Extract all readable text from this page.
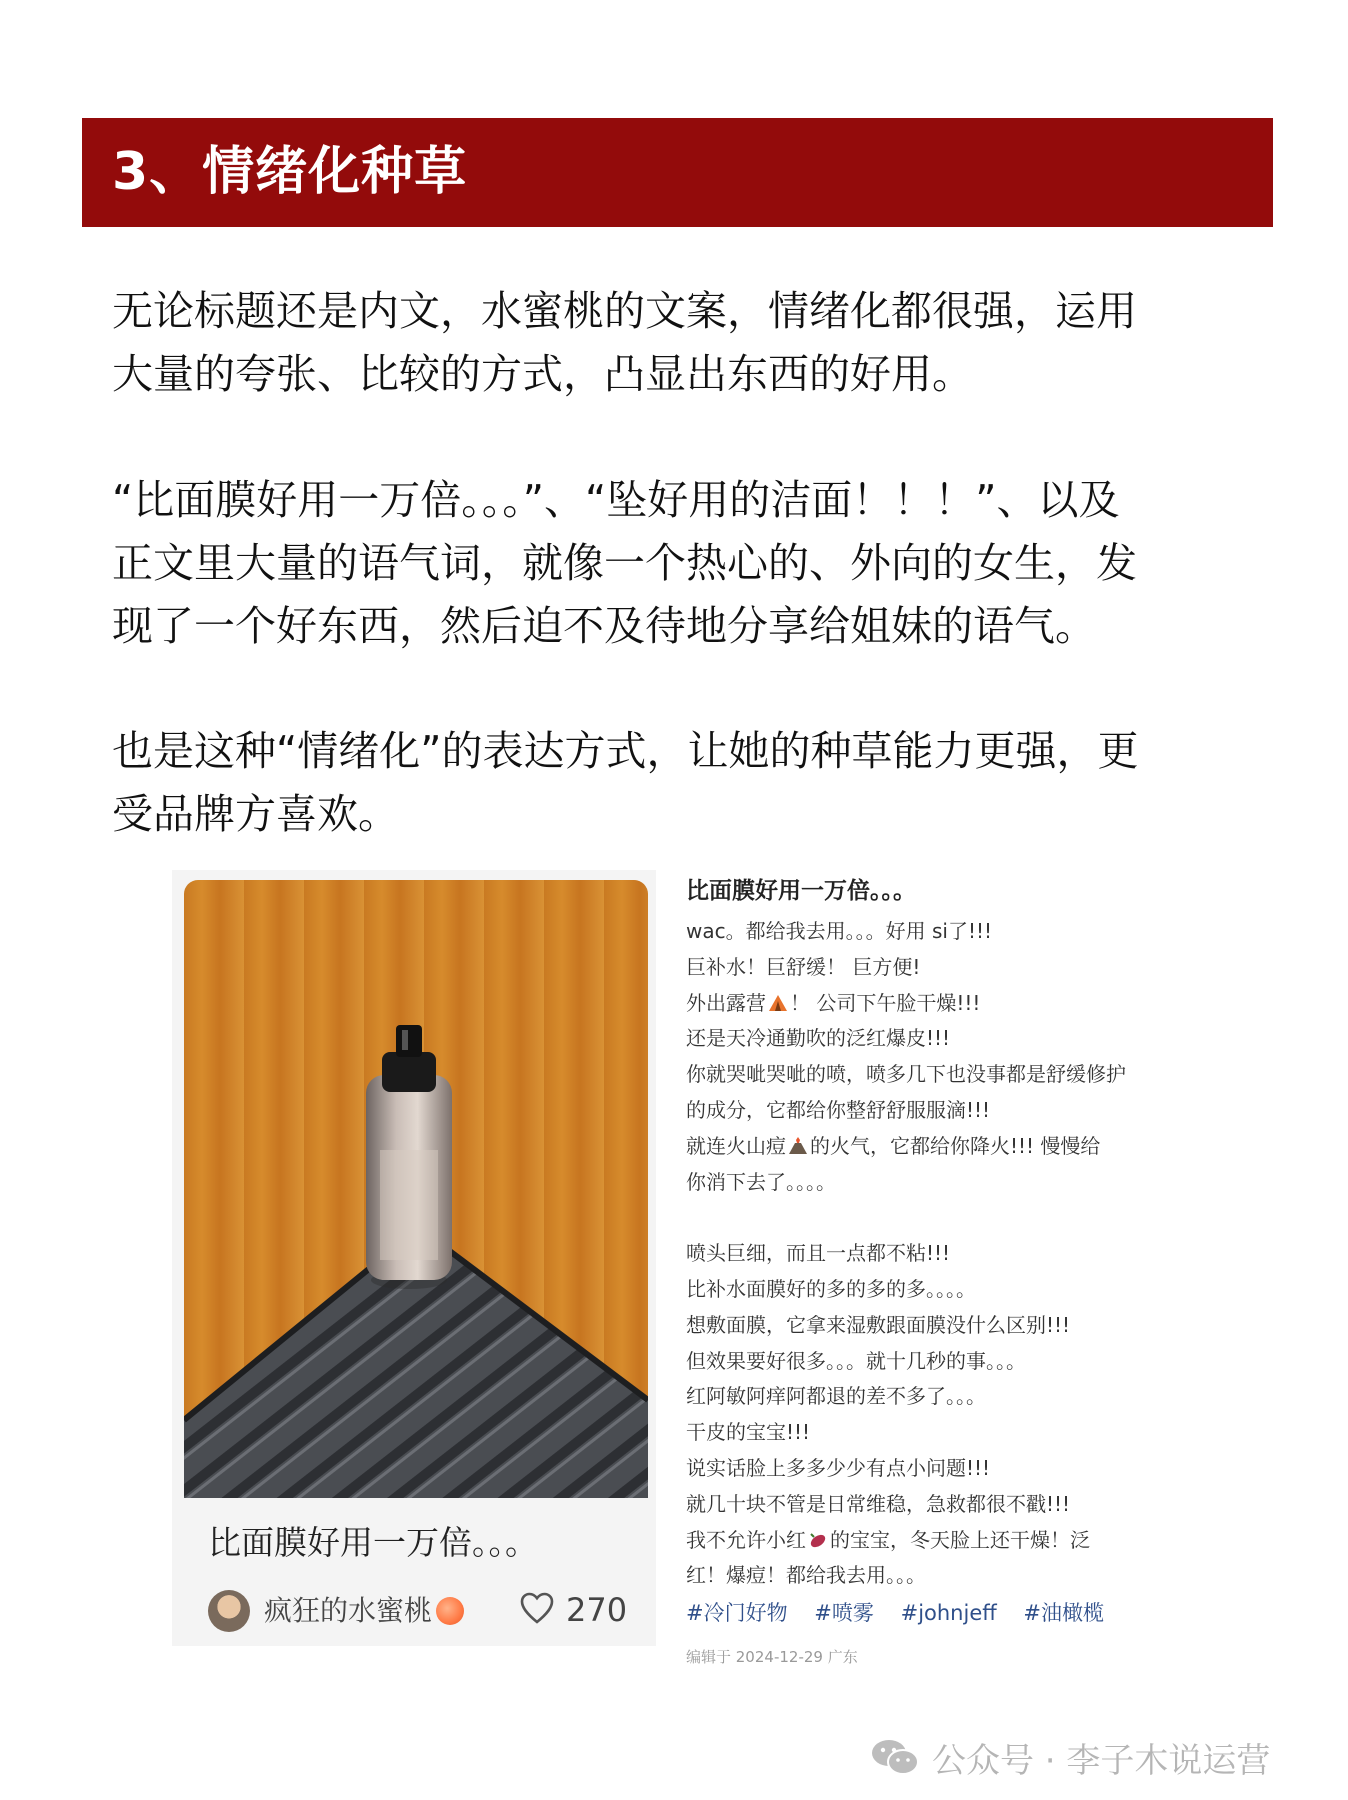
3、情绪化种草
无论标题还是内文，水蜜桃的文案，情绪化都很强，运用
大量的夸张、比较的方式，凸显出东西的好用。
“比面膜好用一万倍。。。”、“坠好用的洁面！！！”、以及
正文里大量的语气词，就像一个热心的、外向的女生，发
现了一个好东西，然后迫不及待地分享给姐妹的语气。
也是这种“情绪化”的表达方式，让她的种草能力更强，更
受品牌方喜欢。
比面膜好用一万倍。。。
疯狂的水蜜桃	270
比面膜好用一万倍。。。
wac。都给我去用。。。好用 si了!!!
巨补水！巨舒缓！ 巨方便!
外出露营 ！ 公司下午脸干燥!!!
还是天冷通勤吹的泛红爆皮!!!
你就哭呲哭呲的喷，喷多几下也没事都是舒缓修护
的成分，它都给你整舒舒服服滴!!!
就连火山痘 的火气，它都给你降火!!! 慢慢给
你消下去了。。。。
喷头巨细，而且一点都不粘!!!
比补水面膜好的多的多的多。。。。
想敷面膜，它拿来湿敷跟面膜没什么区别!!!
但效果要好很多。。。就十几秒的事。。。
红阿敏阿痒阿都退的差不多了。。。
干皮的宝宝!!!
说实话脸上多多少少有点小问题!!!
就几十块不管是日常维稳，急救都很不戳!!!
我不允许小红 的宝宝，冬天脸上还干燥！泛
红！爆痘！都给我去用。。。
#冷门好物 #喷雾 #johnjeff #油橄榄
编辑于 2024-12-29 广东
公众号 · 李子木说运营
